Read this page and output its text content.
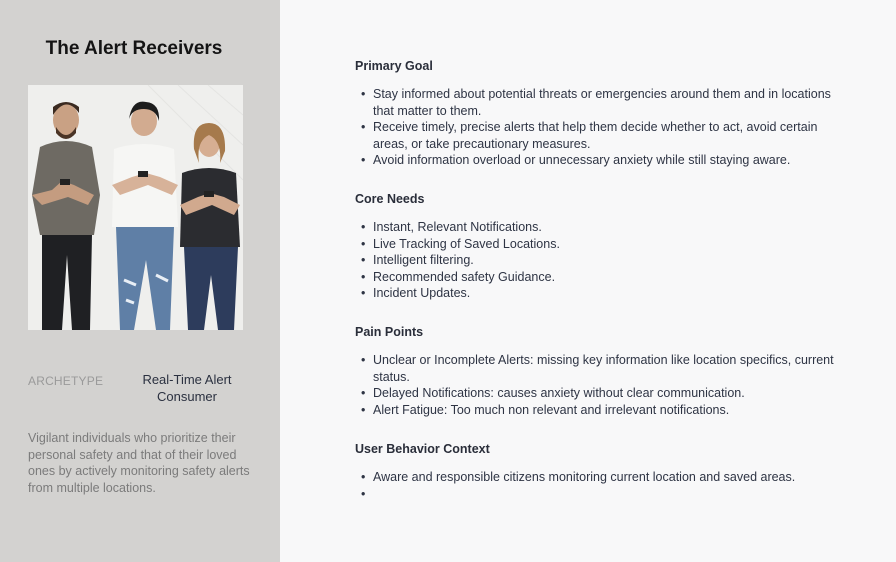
The Alert Receivers
ARCHETYPE	Real-Time Alert Consumer
Vigilant individuals who prioritize their personal safety and that of their loved ones by actively monitoring safety alerts from multiple locations.
Primary Goal
• Stay informed about potential threats or emergencies around them and in locations that matter to them.
• Receive timely, precise alerts that help them decide whether to act, avoid certain areas, or take precautionary measures.
• Avoid information overload or unnecessary anxiety while still staying aware.
Core Needs
• Instant, Relevant Notifications.
• Live Tracking of Saved Locations.
• Intelligent filtering.
• Recommended safety Guidance.
• Incident Updates.
Pain Points
• Unclear or Incomplete Alerts: missing key information like location specifics, current status.
• Delayed Notifications: causes anxiety without clear communication.
• Alert Fatigue: Too much non relevant and irrelevant notifications.
User Behavior Context
• Aware and responsible citizens monitoring current location and saved areas.
•
